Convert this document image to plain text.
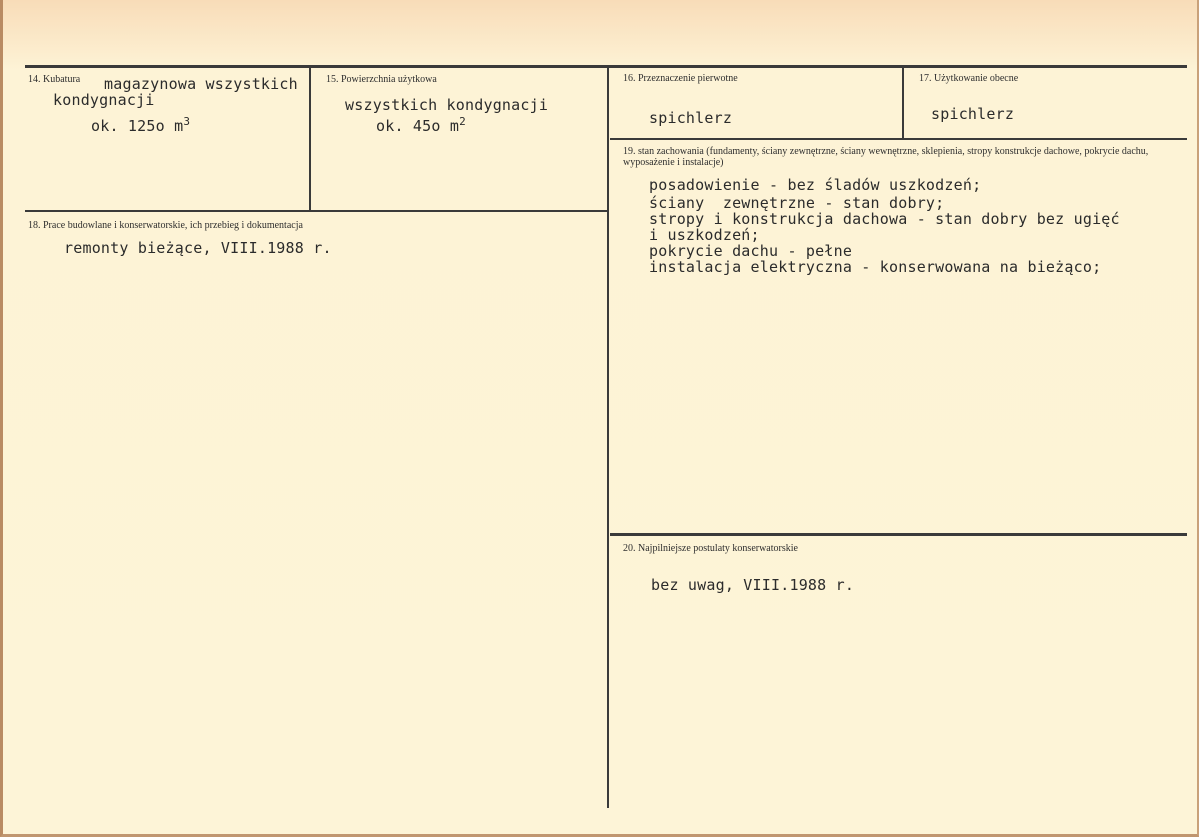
14. Kubatura magazynowa wszystkich
kondygnacji
ok. 125o $m^3$
15. Powierzchnia użytkowa
wszystkich kondygnacji
ok. 45o $m^2$
16. Przeznaczenie pierwotne
spichlerz
17. Użytkowanie obecne
spichlerz
18. Prace budowlane i konserwatorskie, ich przebieg i dokumentacja
remonty bieżące, VIII.1988 r.
19. stan zachowania (fundamenty, ściany zewnętrzne, ściany wewnętrzne, sklepienia, stropy konstrukcje dachowe, pokrycie dachu, wyposażenie i instalacje)
posadowienie - bez śladów uszkodzeń;
ściany  zewnętrzne - stan dobry;
stropy i konstrukcja dachowa - stan dobry bez ugięć
i uszkodzeń;
pokrycie dachu - pełne
instalacja elektryczna - konserwowana na bieżąco;
20. Najpilniejsze postulaty konserwatorskie
bez uwag, VIII.1988 r.
